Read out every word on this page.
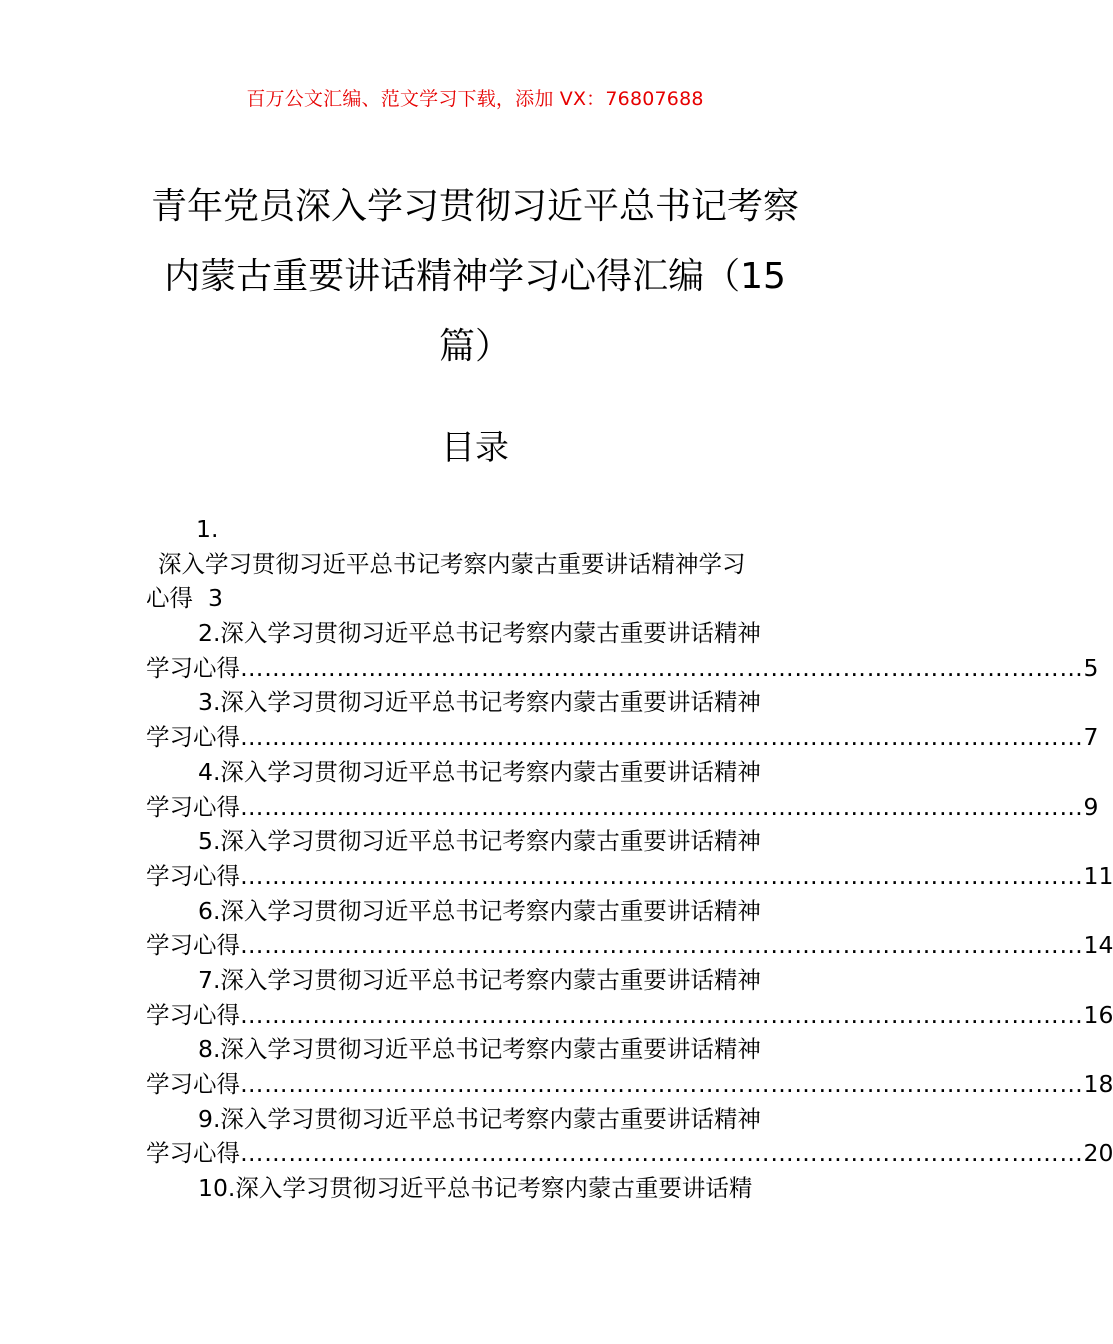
百万公文汇编、范文学习下载，添加 VX：76807688
青年党员深入学习贯彻习近平总书记考察内蒙古重要讲话精神学习心得汇编（15篇）
目录
1.
深入学习贯彻习近平总书记考察内蒙古重要讲话精神学习
心得 3
2.深入学习贯彻习近平总书记考察内蒙古重要讲话精神
学习心得 …………………………………………………………………………………………… 5
3.深入学习贯彻习近平总书记考察内蒙古重要讲话精神
学习心得 …………………………………………………………………………………………… 7
4.深入学习贯彻习近平总书记考察内蒙古重要讲话精神
学习心得 …………………………………………………………………………………………… 9
5.深入学习贯彻习近平总书记考察内蒙古重要讲话精神
学习心得 …………………………………………………………………………………………… 11
6.深入学习贯彻习近平总书记考察内蒙古重要讲话精神
学习心得 …………………………………………………………………………………………… 14
7.深入学习贯彻习近平总书记考察内蒙古重要讲话精神
学习心得 …………………………………………………………………………………………… 16
8.深入学习贯彻习近平总书记考察内蒙古重要讲话精神
学习心得 …………………………………………………………………………………………… 18
9.深入学习贯彻习近平总书记考察内蒙古重要讲话精神
学习心得 …………………………………………………………………………………………… 20
10.深入学习贯彻习近平总书记考察内蒙古重要讲话精
